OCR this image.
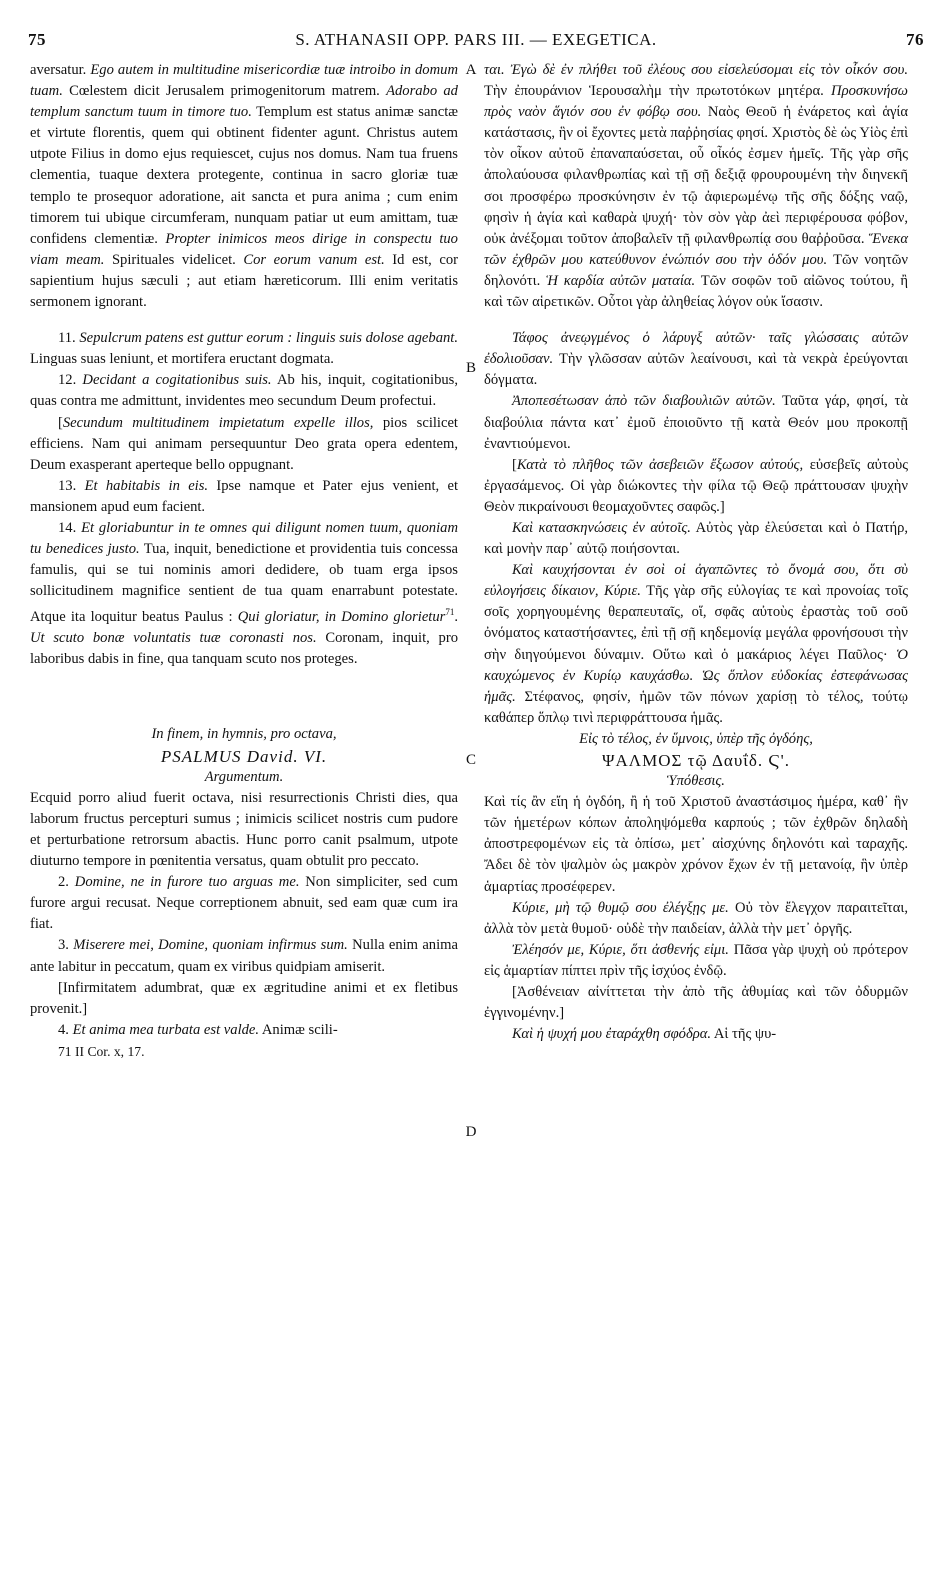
75	S. ATHANASII OPP. PARS III. — EXEGETICA.	76
A
B
C
D

aversatur. Ego autem in multitudine misericordiæ tuæ introibo in domum tuam. Cœlestem dicit Jerusalem primogenitorum matrem. Adorabo ad templum sanctum tuum in timore tuo. Templum est status animæ sanctæ et virtute florentis, quem qui obtinent fidenter agunt. Christus autem utpote Filius in domo ejus requiescet, cujus nos domus. Nam tua fruens clementia, tuaque dextera protegente, continua in sacro gloriæ tuæ templo te prosequor adoratione, ait sancta et pura anima ; cum enim timorem tui ubique circumferam, nunquam patiar ut eum amittam, tuæ confidens clementiæ. Propter inimicos meos dirige in conspectu tuo viam meam. Spirituales videlicet. Cor eorum vanum est. Id est, cor sapientium hujus sæculi ; aut etiam hæreticorum. Illi enim veritatis sermonem ignorant.

11. Sepulcrum patens est guttur eorum : linguis suis dolose agebant. Linguas suas leniunt, et mortifera eructant dogmata.

12. Decidant a cogitationibus suis. Ab his, inquit, cogitationibus, quas contra me admittunt, invidentes meo secundum Deum profectui.

[Secundum multitudinem impietatum expelle illos, pios scilicet efficiens. Nam qui animam persequuntur Deo grata opera edentem, Deum exasperant aperteque bello oppugnant.

13. Et habitabis in eis. Ipse namque et Pater ejus venient, et mansionem apud eum facient.

14. Et gloriabuntur in te omnes qui diligunt nomen tuum, quoniam tu benedices justo. Tua, inquit, benedictione et providentia tuis concessa famulis, qui se tui nominis amori dedidere, ob tuam erga ipsos sollicitudinem magnifice sentient de tua quam enarrabunt potestate. Atque ita loquitur beatus Paulus : Qui gloriatur, in Domino glorietur$^{71}$. Ut scuto bonæ voluntatis tuæ coronasti nos. Coronam, inquit, pro laboribus dabis in fine, qua tanquam scuto nos proteges.

In finem, in hymnis, pro octava,

PSALMUS David. VI.

Argumentum.

Ecquid porro aliud fuerit octava, nisi resurrectionis Christi dies, qua laborum fructus percepturi sumus ; inimicis scilicet nostris cum pudore et perturbatione retrorsum abactis. Hunc porro canit psalmum, utpote diuturno tempore in pœnitentia versatus, quam obtulit pro peccato.

2. Domine, ne in furore tuo arguas me. Non simpliciter, sed cum furore argui recusat. Neque correptionem abnuit, sed eam quæ cum ira fiat.

3. Miserere mei, Domine, quoniam infirmus sum. Nulla enim anima ante labitur in peccatum, quam ex viribus quidpiam amiserit.

[Infirmitatem adumbrat, quæ ex ægritudine animi et ex fletibus provenit.]

4. Et anima mea turbata est valde. Animæ scili-

71 II Cor. x, 17.

ται. Ἐγὼ δὲ ἐν πλήθει τοῦ ἐλέους σου εἰσελεύσομαι εἰς τὸν οἶκόν σου. Τὴν ἐπουράνιον Ἱερουσαλὴμ τὴν πρωτοτόκων μητέρα. Προσκυνήσω πρὸς ναὸν ἅγιόν σου ἐν φόβῳ σου. Ναὸς Θεοῦ ἡ ἐνάρετος καὶ ἁγία κατάστασις, ἣν οἱ ἔχοντες μετὰ παῤῥησίας φησί. Χριστὸς δὲ ὡς Υἱὸς ἐπὶ τὸν οἶκον αὐτοῦ ἐπαναπαύσεται, οὗ οἶκός ἐσμεν ἡμεῖς. Τῆς γὰρ σῆς ἀπολαύουσα φιλανθρωπίας καὶ τῇ σῇ δεξιᾷ φρουρουμένη τὴν διηνεκῆ σοι προσφέρω προσκύνησιν ἐν τῷ ἀφιερωμένῳ τῆς σῆς δόξης ναῷ, φησὶν ἡ ἁγία καὶ καθαρὰ ψυχή· τὸν σὸν γὰρ ἀεὶ περιφέρουσα φόβον, οὐκ ἀνέξομαι τοῦτον ἀποβαλεῖν τῇ φιλανθρωπίᾳ σου θαῤῥοῦσα. Ἕνεκα τῶν ἐχθρῶν μου κατεύθυνον ἐνώπιόν σου τὴν ὁδόν μου. Τῶν νοητῶν δηλονότι. Ἡ καρδία αὐτῶν ματαία. Τῶν σοφῶν τοῦ αἰῶνος τούτου, ἢ καὶ τῶν αἱρετικῶν. Οὗτοι γὰρ ἀληθείας λόγον οὐκ ἴσασιν.

Τάφος ἀνεῳγμένος ὁ λάρυγξ αὐτῶν· ταῖς γλώσσαις αὐτῶν ἐδολιοῦσαν. Τὴν γλῶσσαν αὐτῶν λεαίνουσι, καὶ τὰ νεκρὰ ἐρεύγονται δόγματα.

Ἀποπεσέτωσαν ἀπὸ τῶν διαβουλιῶν αὐτῶν. Ταῦτα γάρ, φησί, τὰ διαβούλια πάντα κατ᾽ ἐμοῦ ἐποιοῦντο τῇ κατὰ Θεόν μου προκοπῇ ἐναντιούμενοι.

[Κατὰ τὸ πλῆθος τῶν ἀσεβειῶν ἔξωσον αὐτούς, εὐσεβεῖς αὐτοὺς ἐργασάμενος. Οἱ γὰρ διώκοντες τὴν φίλα τῷ Θεῷ πράττουσαν ψυχὴν Θεὸν πικραίνουσι θεομαχοῦντες σαφῶς.]

Καὶ κατασκηνώσεις ἐν αὐτοῖς. Αὐτὸς γὰρ ἐλεύσεται καὶ ὁ Πατήρ, καὶ μονὴν παρ᾽ αὐτῷ ποιήσονται.

Καὶ καυχήσονται ἐν σοὶ οἱ ἀγαπῶντες τὸ ὄνομά σου, ὅτι σὺ εὐλογήσεις δίκαιον, Κύριε. Τῆς γὰρ σῆς εὐλογίας τε καὶ προνοίας τοῖς σοῖς χορηγουμένης θεραπευταῖς, οἵ, σφᾶς αὐτοὺς ἐραστὰς τοῦ σοῦ ὀνόματος καταστήσαντες, ἐπὶ τῇ σῇ κηδεμονίᾳ μεγάλα φρονήσουσι τὴν σὴν διηγούμενοι δύναμιν. Οὕτω καὶ ὁ μακάριος λέγει Παῦλος· Ὁ καυχώμενος ἐν Κυρίῳ καυχάσθω. Ὡς ὅπλον εὐδοκίας ἐστεφάνωσας ἡμᾶς. Στέφανος, φησίν, ἡμῶν τῶν πόνων χαρίσῃ τὸ τέλος, τούτῳ καθάπερ ὅπλῳ τινὶ περιφράττουσα ἡμᾶς.

Εἰς τὸ τέλος, ἐν ὕμνοις, ὑπὲρ τῆς ὀγδόης,

ΨΑΛΜΟΣ τῷ Δαυΐδ. Ϛ'.

Ὑπόθεσις.

Καὶ τίς ἂν εἴη ἡ ὀγδόη, ἢ ἡ τοῦ Χριστοῦ ἀναστάσιμος ἡμέρα, καθ᾽ ἣν τῶν ἡμετέρων κόπων ἀποληψόμεθα καρπούς ; τῶν ἐχθρῶν δηλαδὴ ἀποστρεφομένων εἰς τὰ ὀπίσω, μετ᾽ αἰσχύνης δηλονότι καὶ ταραχῆς. Ἄδει δὲ τὸν ψαλμὸν ὡς μακρὸν χρόνον ἔχων ἐν τῇ μετανοίᾳ, ἣν ὑπὲρ ἁμαρτίας προσέφερεν.

Κύριε, μὴ τῷ θυμῷ σου ἐλέγξῃς με. Οὐ τὸν ἔλεγχον παραιτεῖται, ἀλλὰ τὸν μετὰ θυμοῦ· οὐδὲ τὴν παιδείαν, ἀλλὰ τὴν μετ᾽ ὀργῆς.

Ἐλέησόν με, Κύριε, ὅτι ἀσθενής εἰμι. Πᾶσα γὰρ ψυχὴ οὐ πρότερον εἰς ἁμαρτίαν πίπτει πρὶν τῆς ἰσχύος ἐνδῷ.

[Ἀσθένειαν αἰνίττεται τὴν ἀπὸ τῆς ἀθυμίας καὶ τῶν ὀδυρμῶν ἐγγινομένην.]

Καὶ ἡ ψυχή μου ἐταράχθη σφόδρα. Αἱ τῆς ψυ-
